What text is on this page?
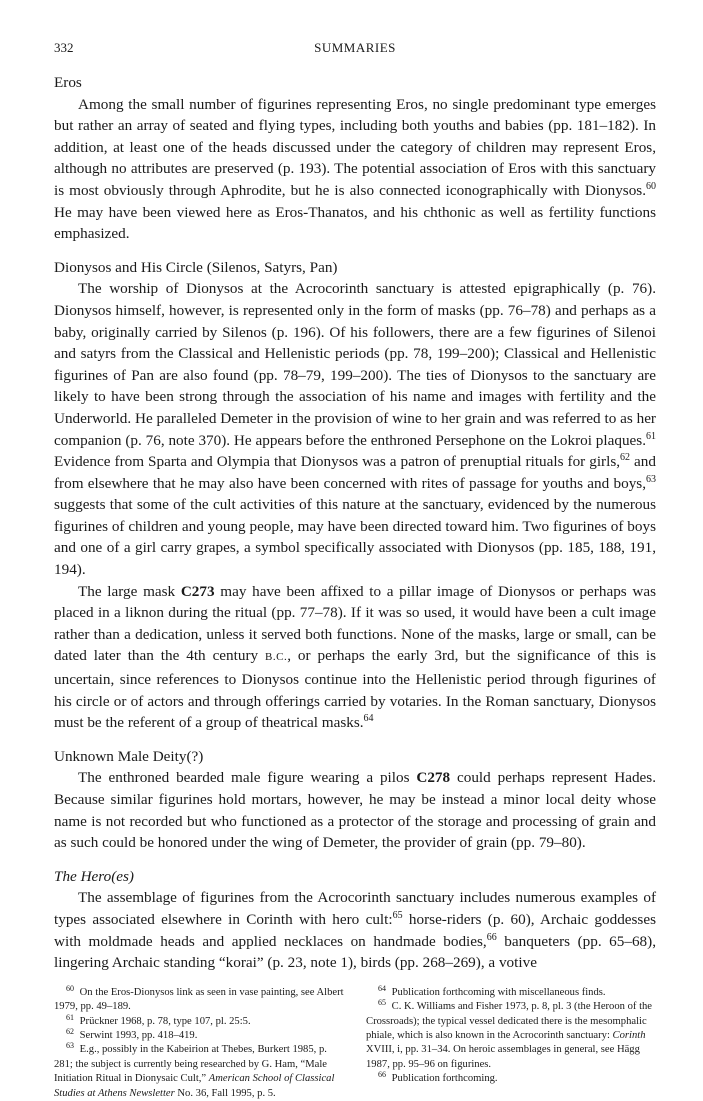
332	SUMMARIES
Eros

Among the small number of figurines representing Eros, no single predominant type emerges but rather an array of seated and flying types, including both youths and babies (pp. 181–182). In addition, at least one of the heads discussed under the category of children may represent Eros, although no attributes are preserved (p. 193). The potential association of Eros with this sanctuary is most obviously through Aphrodite, but he is also connected iconographically with Dionysos.$^{60}$ He may have been viewed here as Eros-Thanatos, and his chthonic as well as fertility functions emphasized.

Dionysos and His Circle (Silenos, Satyrs, Pan)

The worship of Dionysos at the Acrocorinth sanctuary is attested epigraphically (p. 76). Dionysos himself, however, is represented only in the form of masks (pp. 76–78) and perhaps as a baby, originally carried by Silenos (p. 196). Of his followers, there are a few figurines of Silenoi and satyrs from the Classical and Hellenistic periods (pp. 78, 199–200); Classical and Hellenistic figurines of Pan are also found (pp. 78–79, 199–200). The ties of Dionysos to the sanctuary are likely to have been strong through the association of his name and images with fertility and the Underworld. He paralleled Demeter in the provision of wine to her grain and was referred to as her companion (p. 76, note 370). He appears before the enthroned Persephone on the Lokroi plaques.$^{61}$ Evidence from Sparta and Olympia that Dionysos was a patron of prenuptial rituals for girls,$^{62}$ and from elsewhere that he may also have been concerned with rites of passage for youths and boys,$^{63}$ suggests that some of the cult activities of this nature at the sanctuary, evidenced by the numerous figurines of children and young people, may have been directed toward him. Two figurines of boys and one of a girl carry grapes, a symbol specifically associated with Dionysos (pp. 185, 188, 191, 194).

The large mask C273 may have been affixed to a pillar image of Dionysos or perhaps was placed in a liknon during the ritual (pp. 77–78). If it was so used, it would have been a cult image rather than a dedication, unless it served both functions. None of the masks, large or small, can be dated later than the 4th century B.C., or perhaps the early 3rd, but the significance of this is uncertain, since references to Dionysos continue into the Hellenistic period through figurines of his circle or of actors and through offerings carried by votaries. In the Roman sanctuary, Dionysos must be the referent of a group of theatrical masks.$^{64}$

Unknown Male Deity(?)

The enthroned bearded male figure wearing a pilos C278 could perhaps represent Hades. Because similar figurines hold mortars, however, he may be instead a minor local deity whose name is not recorded but who functioned as a protector of the storage and processing of grain and as such could be honored under the wing of Demeter, the provider of grain (pp. 79–80).

The Hero(es)

The assemblage of figurines from the Acrocorinth sanctuary includes numerous examples of types associated elsewhere in Corinth with hero cult:$^{65}$ horse-riders (p. 60), Archaic goddesses with moldmade heads and applied necklaces on handmade bodies,$^{66}$ banqueters (pp. 65–68), lingering Archaic standing “korai” (p. 23, note 1), birds (pp. 268–269), a votive

$^{60}$ On the Eros-Dionysos link as seen in vase painting, see Albert 1979, pp. 49–189.

$^{61}$ Prückner 1968, p. 78, type 107, pl. 25:5.

$^{62}$ Serwint 1993, pp. 418–419.

$^{63}$ E.g., possibly in the Kabeirion at Thebes, Burkert 1985, p. 281; the subject is currently being researched by G. Ham, “Male Initiation Ritual in Dionysaic Cult,” American School of Classical Studies at Athens Newsletter No. 36, Fall 1995, p. 5.

$^{64}$ Publication forthcoming with miscellaneous finds.

$^{65}$ C. K. Williams and Fisher 1973, p. 8, pl. 3 (the Heroon of the Crossroads); the typical vessel dedicated there is the mesomphalic phiale, which is also known in the Acrocorinth sanctuary: Corinth XVIII, i, pp. 31–34. On heroic assemblages in general, see Hägg 1987, pp. 95–96 on figurines.

$^{66}$ Publication forthcoming.
